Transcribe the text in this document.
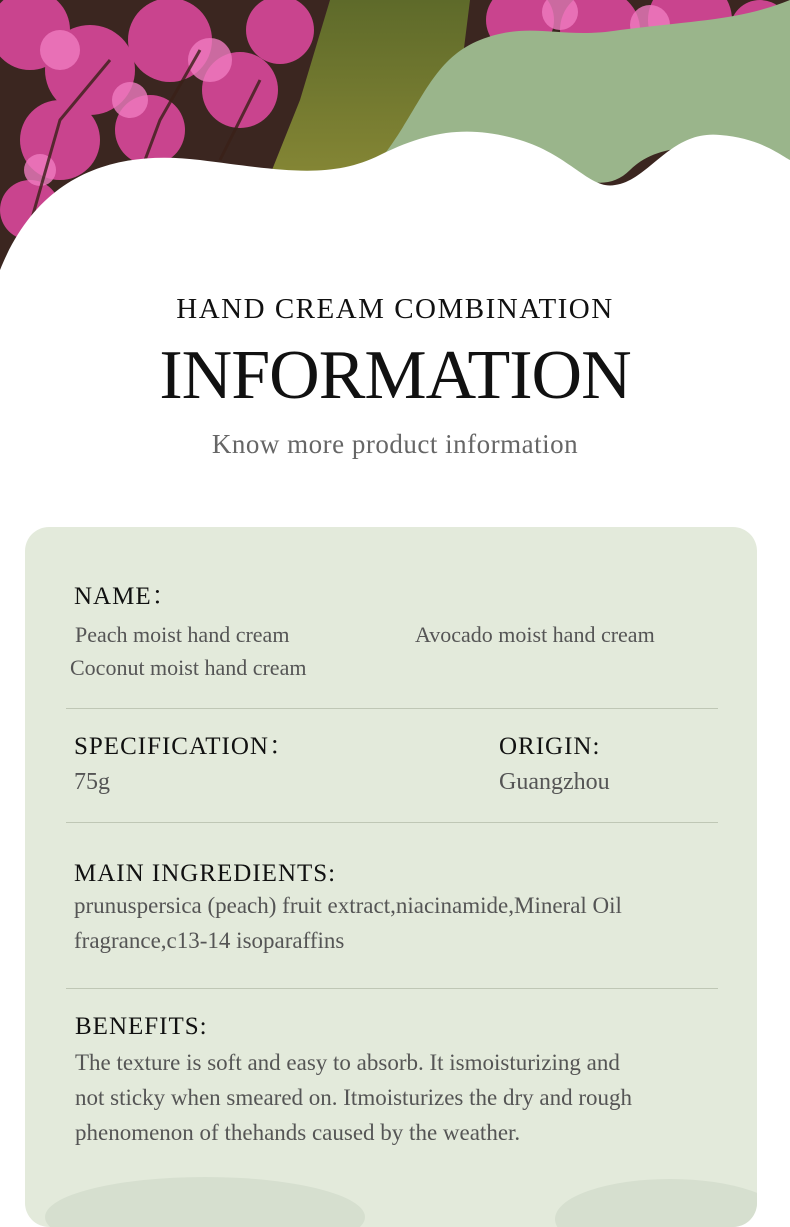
HAND CREAM COMBINATION
INFORMATION
Know more product information
NAME：
Peach moist hand cream	Avocado moist hand cream
Coconut moist hand cream
SPECIFICATION：
75g
ORIGIN:
Guangzhou
MAIN INGREDIENTS:
prunuspersica (peach) fruit extract,niacinamide,Mineral Oil
fragrance,c13-14 isoparaffins
BENEFITS:
The texture is soft and easy to absorb. It ismoisturizing and
not sticky when smeared on. Itmoisturizes the dry and rough
phenomenon of thehands caused by the weather.
